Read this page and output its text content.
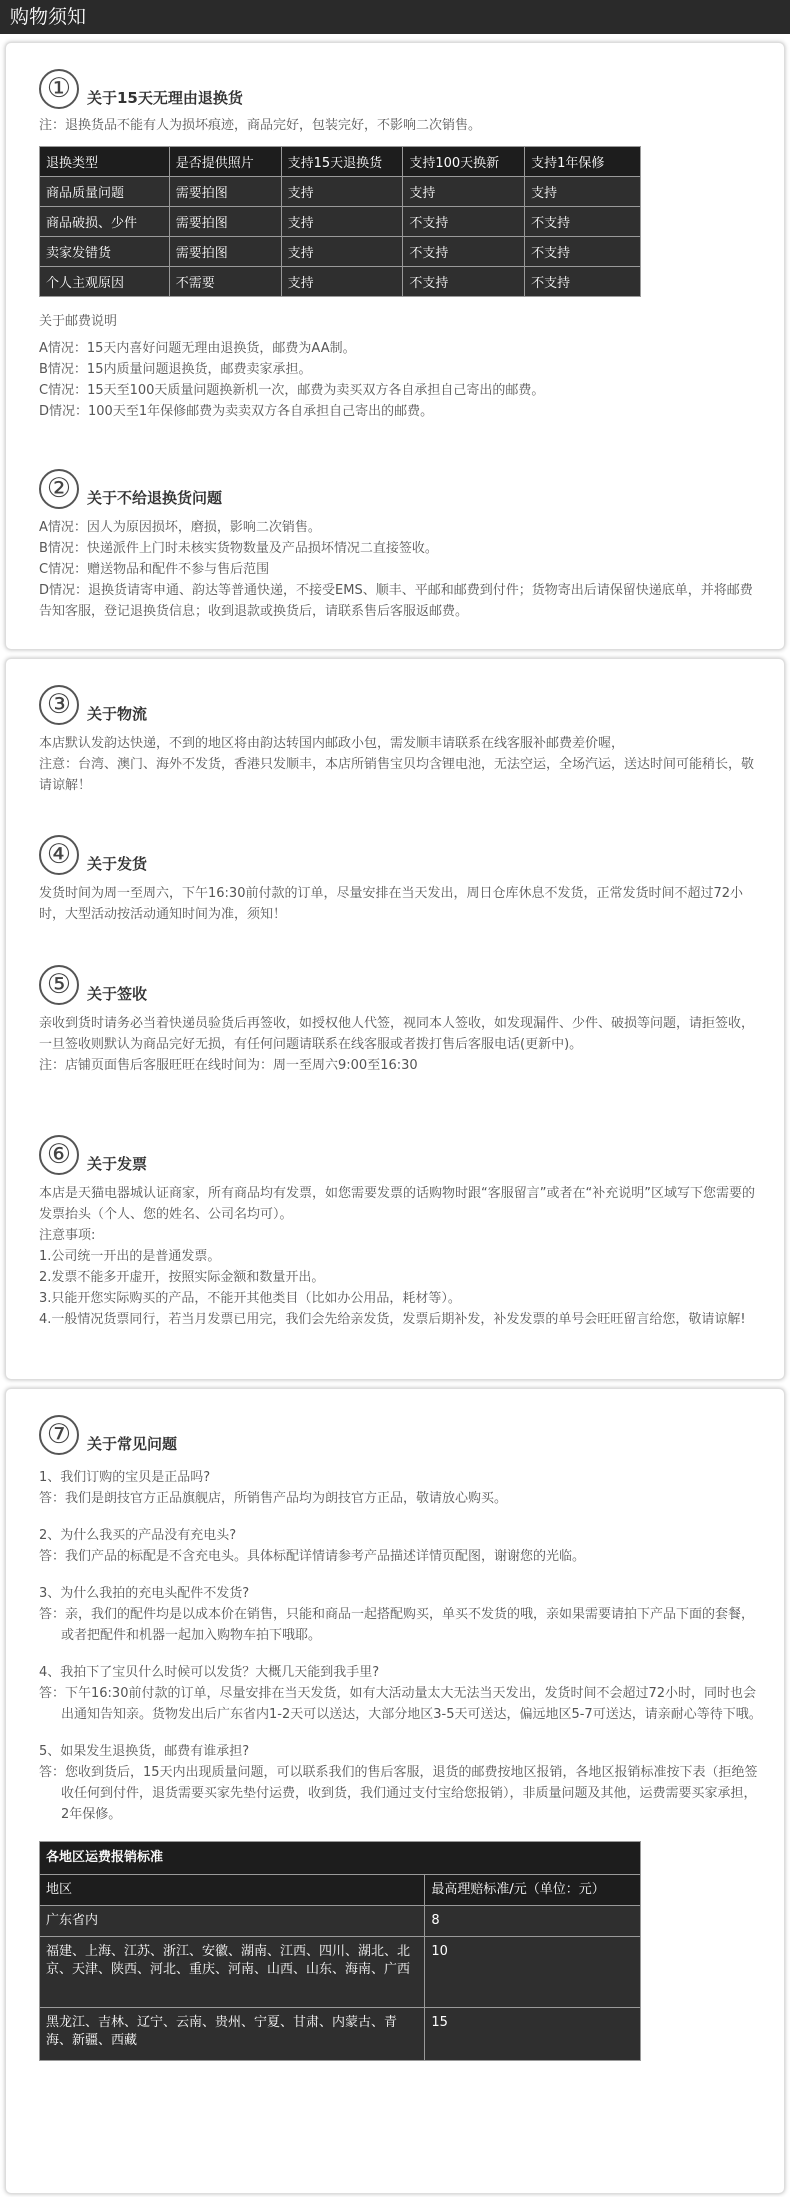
购物须知
①	关于15天无理由退换货
注：退换货品不能有人为损坏痕迹，商品完好，包装完好，不影响二次销售。
退换类型	是否提供照片	支持15天退换货	支持100天换新	支持1年保修
商品质量问题	需要拍图	支持	支持	支持
商品破损、少件	需要拍图	支持	不支持	不支持
卖家发错货	需要拍图	支持	不支持	不支持
个人主观原因	不需要	支持	不支持	不支持
关于邮费说明
A情况：15天内喜好问题无理由退换货，邮费为AA制。
B情况：15内质量问题退换货，邮费卖家承担。
C情况：15天至100天质量问题换新机一次，邮费为卖买双方各自承担自己寄出的邮费。
D情况：100天至1年保修邮费为卖卖双方各自承担自己寄出的邮费。
②	关于不给退换货问题
A情况：因人为原因损坏，磨损，影响二次销售。
B情况：快递派件上门时未核实货物数量及产品损坏情况二直接签收。
C情况：赠送物品和配件不参与售后范围
D情况：退换货请寄申通、韵达等普通快递，不接受EMS、顺丰、平邮和邮费到付件；货物寄出后请保留快递底单，并将邮费告知客服，登记退换货信息；收到退款或换货后，请联系售后客服返邮费。
③	关于物流
本店默认发韵达快递，不到的地区将由韵达转国内邮政小包，需发顺丰请联系在线客服补邮费差价喔，
注意：台湾、澳门、海外不发货，香港只发顺丰，本店所销售宝贝均含锂电池，无法空运，全场汽运，送达时间可能稍长，敬请谅解！
④	关于发货
发货时间为周一至周六，下午16:30前付款的订单，尽量安排在当天发出，周日仓库休息不发货，正常发货时间不超过72小时，大型活动按活动通知时间为准，须知！
⑤	关于签收
亲收到货时请务必当着快递员验货后再签收，如授权他人代签，视同本人签收，如发现漏件、少件、破损等问题，请拒签收，一旦签收则默认为商品完好无损，有任何问题请联系在线客服或者拨打售后客服电话(更新中)。
注：店铺页面售后客服旺旺在线时间为：周一至周六9:00至16:30
⑥	关于发票
本店是天猫电器城认证商家，所有商品均有发票，如您需要发票的话购物时跟“客服留言”或者在“补充说明”区域写下您需要的发票抬头（个人、您的姓名、公司名均可）。
注意事项:
1.公司统一开出的是普通发票。
2.发票不能多开虚开，按照实际金额和数量开出。
3.只能开您实际购买的产品，不能开其他类目（比如办公用品，耗材等）。
4.一般情况货票同行，若当月发票已用完，我们会先给亲发货，发票后期补发，补发发票的单号会旺旺留言给您，敬请谅解!
⑦	关于常见问题
1、我们订购的宝贝是正品吗?
答：我们是朗技官方正品旗舰店，所销售产品均为朗技官方正品，敬请放心购买。
2、为什么我买的产品没有充电头?
答：我们产品的标配是不含充电头。具体标配详情请参考产品描述详情页配图，谢谢您的光临。
3、为什么我拍的充电头配件不发货?
答：亲，我们的配件均是以成本价在销售，只能和商品一起搭配购买，单买不发货的哦，亲如果需要请拍下产品下面的套餐，或者把配件和机器一起加入购物车拍下哦耶。
4、我拍下了宝贝什么时候可以发货？大概几天能到我手里?
答：下午16:30前付款的订单，尽量安排在当天发货，如有大活动量太大无法当天发出，发货时间不会超过72小时，同时也会出通知告知亲。货物发出后广东省内1-2天可以送达，大部分地区3-5天可送达，偏远地区5-7可送达，请亲耐心等待下哦。
5、如果发生退换货，邮费有谁承担?
答：您收到货后，15天内出现质量问题，可以联系我们的售后客服，退货的邮费按地区报销，各地区报销标准按下表（拒绝签收任何到付件，退货需要买家先垫付运费，收到货，我们通过支付宝给您报销），非质量问题及其他，运费需要买家承担，2年保修。
各地区运费报销标准	
地区	最高理赔标准/元（单位：元）
广东省内	8
福建、上海、江苏、浙江、安徽、湖南、江西、四川、湖北、北京、天津、陕西、河北、重庆、河南、山西、山东、海南、广西	10
黑龙江、吉林、辽宁、云南、贵州、宁夏、甘肃、内蒙古、青海、新疆、西藏	15
